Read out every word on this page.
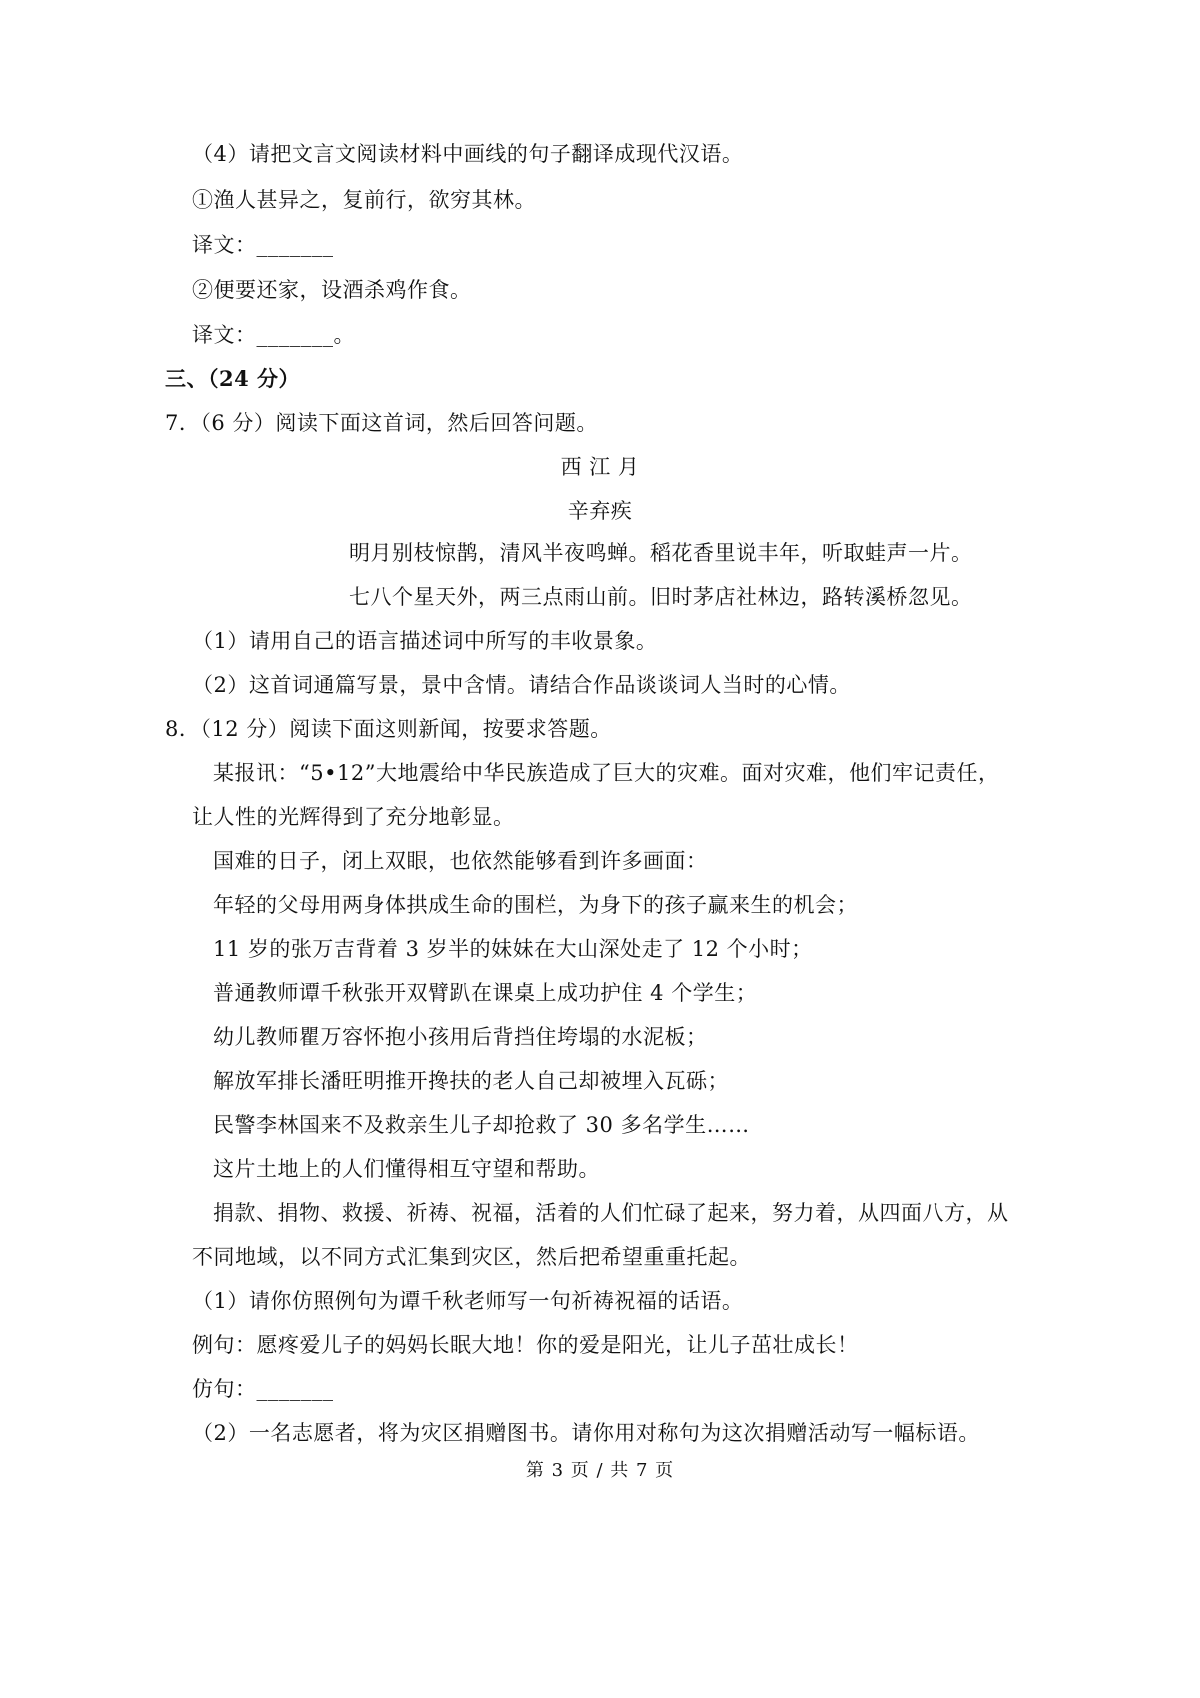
（4）请把文言文阅读材料中画线的句子翻译成现代汉语。
①渔人甚异之，复前行，欲穷其林。
译文：_______
②便要还家，设酒杀鸡作食。
译文：_______。
三、（24 分）
7．（6 分）阅读下面这首词，然后回答问题。
西 江 月
辛弃疾
明月别枝惊鹊，清风半夜鸣蝉。稻花香里说丰年，听取蛙声一片。
七八个星天外，两三点雨山前。旧时茅店社林边，路转溪桥忽见。
（1）请用自己的语言描述词中所写的丰收景象。
（2）这首词通篇写景，景中含情。请结合作品谈谈词人当时的心情。
8．（12 分）阅读下面这则新闻，按要求答题。
某报讯：“5•12”大地震给中华民族造成了巨大的灾难。面对灾难，他们牢记责任，
让人性的光辉得到了充分地彰显。
国难的日子，闭上双眼，也依然能够看到许多画面：
年轻的父母用两身体拱成生命的围栏，为身下的孩子赢来生的机会；
11 岁的张万吉背着 3 岁半的妹妹在大山深处走了 12 个小时；
普通教师谭千秋张开双臂趴在课桌上成功护住 4 个学生；
幼儿教师瞿万容怀抱小孩用后背挡住垮塌的水泥板；
解放军排长潘旺明推开搀扶的老人自己却被埋入瓦砾；
民警李林国来不及救亲生儿子却抢救了 30 多名学生……
这片土地上的人们懂得相互守望和帮助。
捐款、捐物、救援、祈祷、祝福，活着的人们忙碌了起来，努力着，从四面八方，从
不同地域，以不同方式汇集到灾区，然后把希望重重托起。
（1）请你仿照例句为谭千秋老师写一句祈祷祝福的话语。
例句：愿疼爱儿子的妈妈长眠大地！你的爱是阳光，让儿子茁壮成长！
仿句：_______
（2）一名志愿者，将为灾区捐赠图书。请你用对称句为这次捐赠活动写一幅标语。
第 3 页 / 共 7 页
